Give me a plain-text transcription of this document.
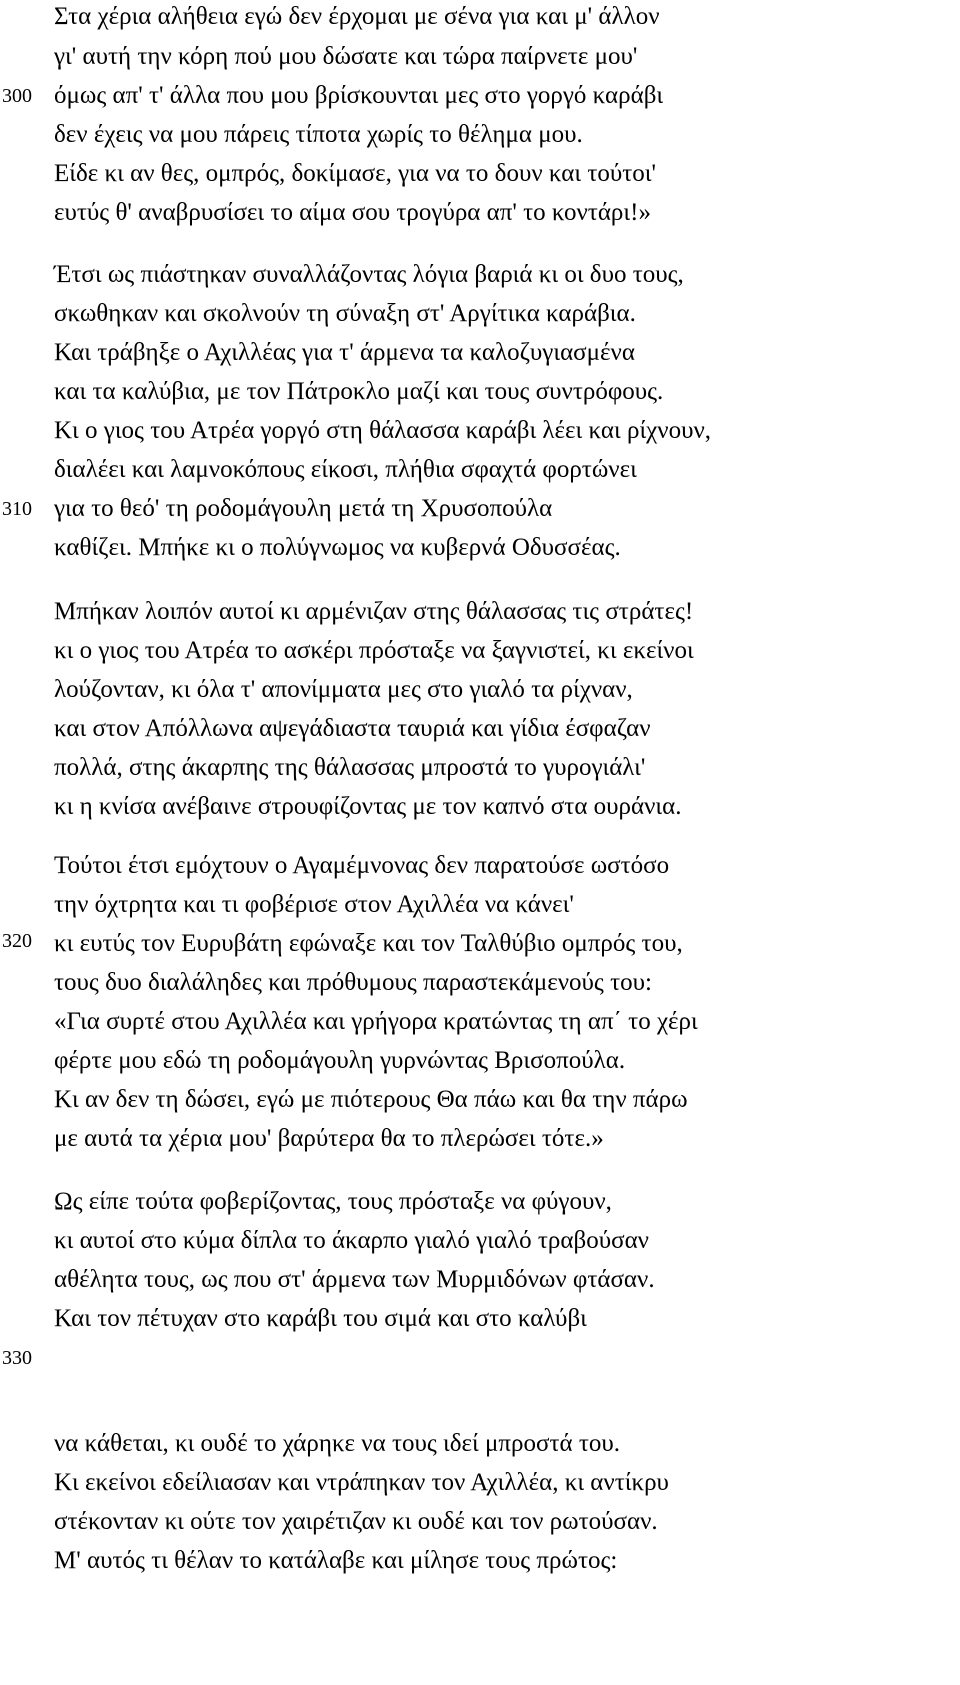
300
310
320
330
Στα χέρια αλήθεια εγώ δεν έρχομαι με σένα για και μ' άλλον
γι' αυτή την κόρη πού μου δώσατε και τώρα παίρνετε μου'
όμως απ' τ' άλλα που μου βρίσκουνται μες στο γοργό καράβι
δεν έχεις να μου πάρεις τίποτα χωρίς το θέλημα μου.
Είδε κι αν θες, ομπρός, δοκίμασε, για να το δουν και τούτοι'
ευτύς θ' αναβρυσίσει το αίμα σου τρογύρα απ' το κοντάρι!»
Έτσι ως πιάστηκαν συναλλάζοντας λόγια βαριά κι οι δυο τους,
σκωθηκαν και σκολνούν τη σύναξη στ' Αργίτικα καράβια.
Και τράβηξε ο Αχιλλέας για τ' άρμενα τα καλοζυγιασμένα
και τα καλύβια, με τον Πάτροκλο μαζί και τους συντρόφους.
Κι ο γιος του Ατρέα γοργό στη θάλασσα καράβι λέει και ρίχνουν,
διαλέει και λαμνοκόπους είκοσι, πλήθια σφαχτά φορτώνει
για το θεό' τη ροδομάγουλη μετά τη Χρυσοπούλα
καθίζει. Μπήκε κι ο πολύγνωμος να κυβερνά Οδυσσέας.
Μπήκαν λοιπόν αυτοί κι αρμένιζαν στης θάλασσας τις στράτες!
κι ο γιος του Ατρέα το ασκέρι πρόσταξε να ξαγνιστεί, κι εκείνοι
λούζονταν, κι όλα τ' απονίμματα μες στο γιαλό τα ρίχναν,
και στον Απόλλωνα αψεγάδιαστα ταυριά και γίδια έσφαζαν
πολλά, στης άκαρπης της θάλασσας μπροστά το γυρογιάλι'
κι η κνίσα ανέβαινε στρουφίζοντας με τον καπνό στα ουράνια.
Τούτοι έτσι εμόχτουν ο Αγαμέμνονας δεν παρατούσε ωστόσο
την όχτρητα και τι φοβέρισε στον Αχιλλέα να κάνει'
κι ευτύς τον Ευρυβάτη εφώναξε και τον Ταλθύβιο ομπρός του,
τους δυο διαλάληδες και πρόθυμους παραστεκάμενούς του:
«Για συρτέ στου Αχιλλέα και γρήγορα κρατώντας τη απ΄ το χέρι
φέρτε μου εδώ τη ροδομάγουλη γυρνώντας Βρισοπούλα.
Κι αν δεν τη δώσει, εγώ με πιότερους Θα πάω και θα την πάρω
με αυτά τα χέρια μου' βαρύτερα θα το πλερώσει τότε.»
Ως είπε τούτα φοβερίζοντας, τους πρόσταξε να φύγουν,
κι αυτοί στο κύμα δίπλα το άκαρπο γιαλό γιαλό τραβούσαν
αθέλητα τους, ως που στ' άρμενα των Μυρμιδόνων φτάσαν.
Και τον πέτυχαν στο καράβι του σιμά και στο καλύβι
να κάθεται, κι ουδέ το χάρηκε να τους ιδεί μπροστά του.
Κι εκείνοι εδείλιασαν και ντράπηκαν τον Αχιλλέα, κι αντίκρυ
στέκονταν κι ούτε τον χαιρέτιζαν κι ουδέ και τον ρωτούσαν.
Μ' αυτός τι θέλαν το κατάλαβε και μίλησε τους πρώτος:
